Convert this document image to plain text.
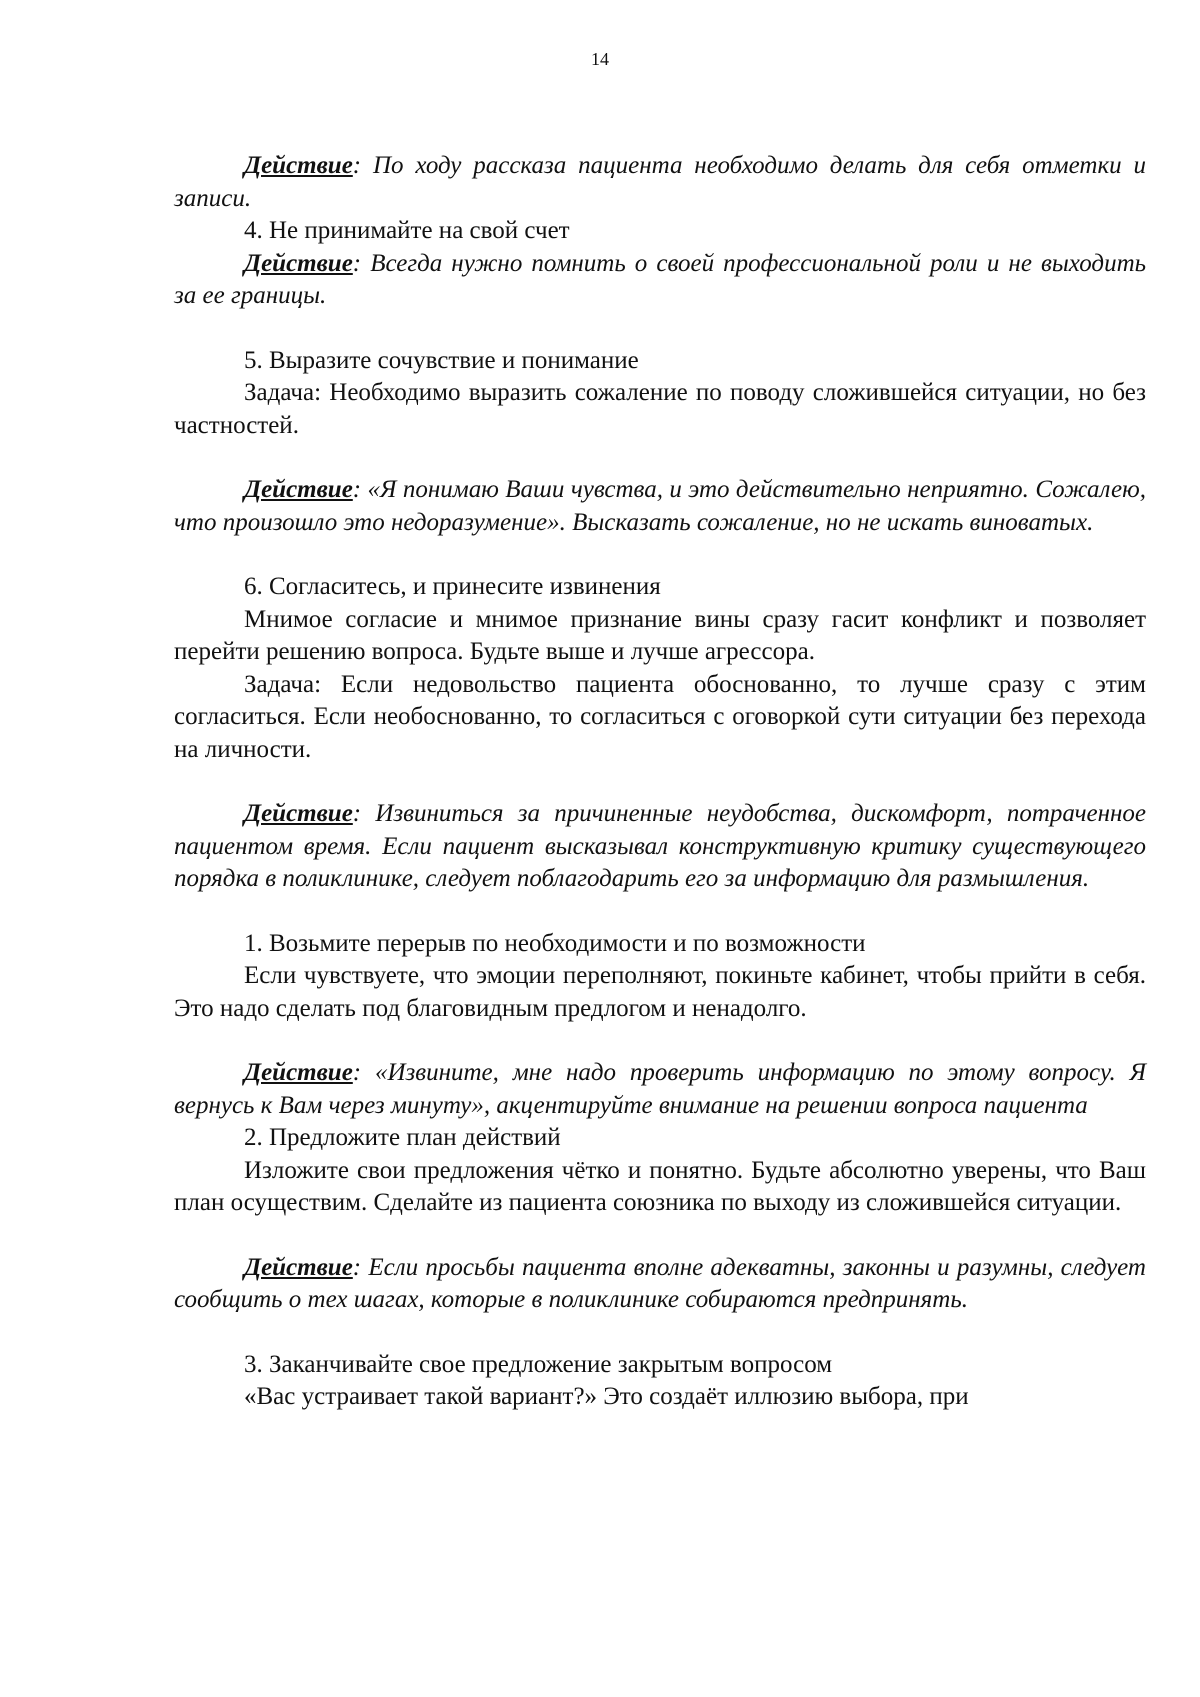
14

Действие: По ходу рассказа пациента необходимо делать для себя отметки и записи.

4. Не принимайте на свой счет

Действие: Всегда нужно помнить о своей профессиональной роли и не выходить за ее границы.

5. Выразите сочувствие и понимание

Задача: Необходимо выразить сожаление по поводу сложившейся ситуации, но без частностей.

Действие: «Я понимаю Ваши чувства, и это действительно неприятно. Сожалею, что произошло это недоразумение». Высказать сожаление, но не искать виноватых.

6. Согласитесь, и принесите извинения

Мнимое согласие и мнимое признание вины сразу гасит конфликт и позволяет перейти решению вопроса. Будьте выше и лучше агрессора.

Задача: Если недовольство пациента обоснованно, то лучше сразу с этим согласиться. Если необоснованно, то согласиться с оговоркой сути ситуации без перехода на личности.

Действие: Извиниться за причиненные неудобства, дискомфорт, потраченное пациентом время. Если пациент высказывал конструктивную критику существующего порядка в поликлинике, следует поблагодарить его за информацию для размышления.

1. Возьмите перерыв по необходимости и по возможности

Если чувствуете, что эмоции переполняют, покиньте кабинет, чтобы прийти в себя. Это надо сделать под благовидным предлогом и ненадолго.

Действие: «Извините, мне надо проверить информацию по этому вопросу. Я вернусь к Вам через минуту», акцентируйте внимание на решении вопроса пациента

2. Предложите план действий

Изложите свои предложения чётко и понятно. Будьте абсолютно уверены, что Ваш план осуществим. Сделайте из пациента союзника по выходу из сложившейся ситуации.

Действие: Если просьбы пациента вполне адекватны, законны и разумны, следует сообщить о тех шагах, которые в поликлинике собираются предпринять.

3. Заканчивайте свое предложение закрытым вопросом

«Вас устраивает такой вариант?» Это создаёт иллюзию выбора, при
